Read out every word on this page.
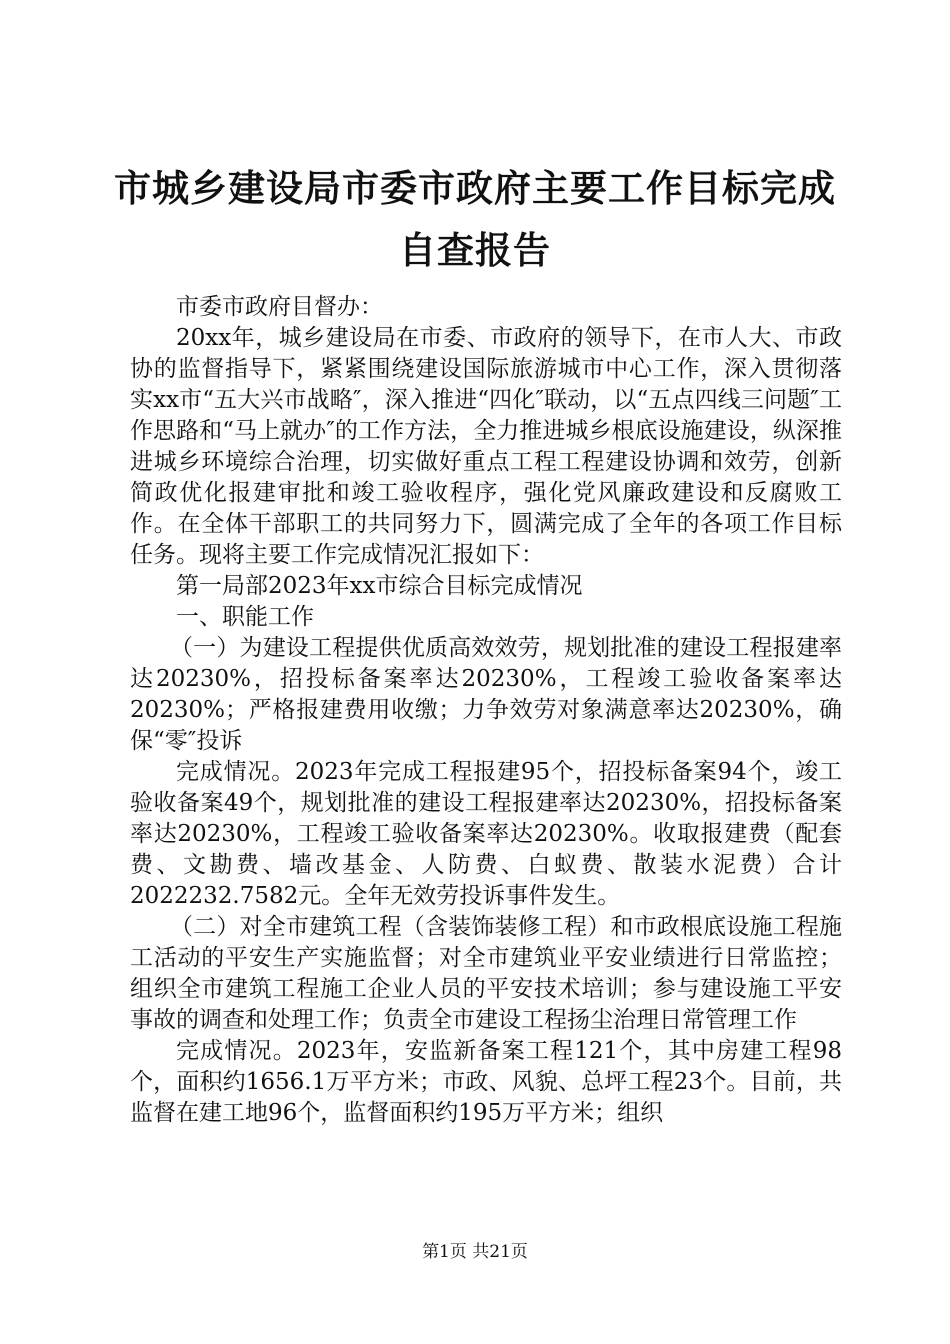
市城乡建设局市委市政府主要工作目标完成自查报告

市委市政府目督办：

20xx年，城乡建设局在市委、市政府的领导下，在市人大、市政协的监督指导下，紧紧围绕建设国际旅游城市中心工作，深入贯彻落实xx市“五大兴市战略″，深入推进“四化″联动，以“五点四线三问题″工作思路和“马上就办″的工作方法，全力推进城乡根底设施建设，纵深推进城乡环境综合治理，切实做好重点工程工程建设协调和效劳，创新简政优化报建审批和竣工验收程序，强化党风廉政建设和反腐败工作。在全体干部职工的共同努力下，圆满完成了全年的各项工作目标任务。现将主要工作完成情况汇报如下：

第一局部2023年xx市综合目标完成情况

一、职能工作

（一）为建设工程提供优质高效效劳，规划批准的建设工程报建率达20230%，招投标备案率达20230%，工程竣工验收备案率达20230%；严格报建费用收缴；力争效劳对象满意率达20230%，确保“零″投诉

完成情况。2023年完成工程报建95个，招投标备案94个，竣工验收备案49个，规划批准的建设工程报建率达20230%，招投标备案率达20230%，工程竣工验收备案率达20230%。收取报建费（配套费、文勘费、墙改基金、人防费、白蚁费、散装水泥费）合计2022232.7582元。全年无效劳投诉事件发生。

（二）对全市建筑工程（含装饰装修工程）和市政根底设施工程施工活动的平安生产实施监督；对全市建筑业平安业绩进行日常监控；组织全市建筑工程施工企业人员的平安技术培训；参与建设施工平安事故的调查和处理工作；负责全市建设工程扬尘治理日常管理工作

完成情况。2023年，安监新备案工程121个，其中房建工程98个，面积约1656.1万平方米；市政、风貌、总坪工程23个。目前，共监督在建工地96个，监督面积约195万平方米；组织

第1页 共21页
